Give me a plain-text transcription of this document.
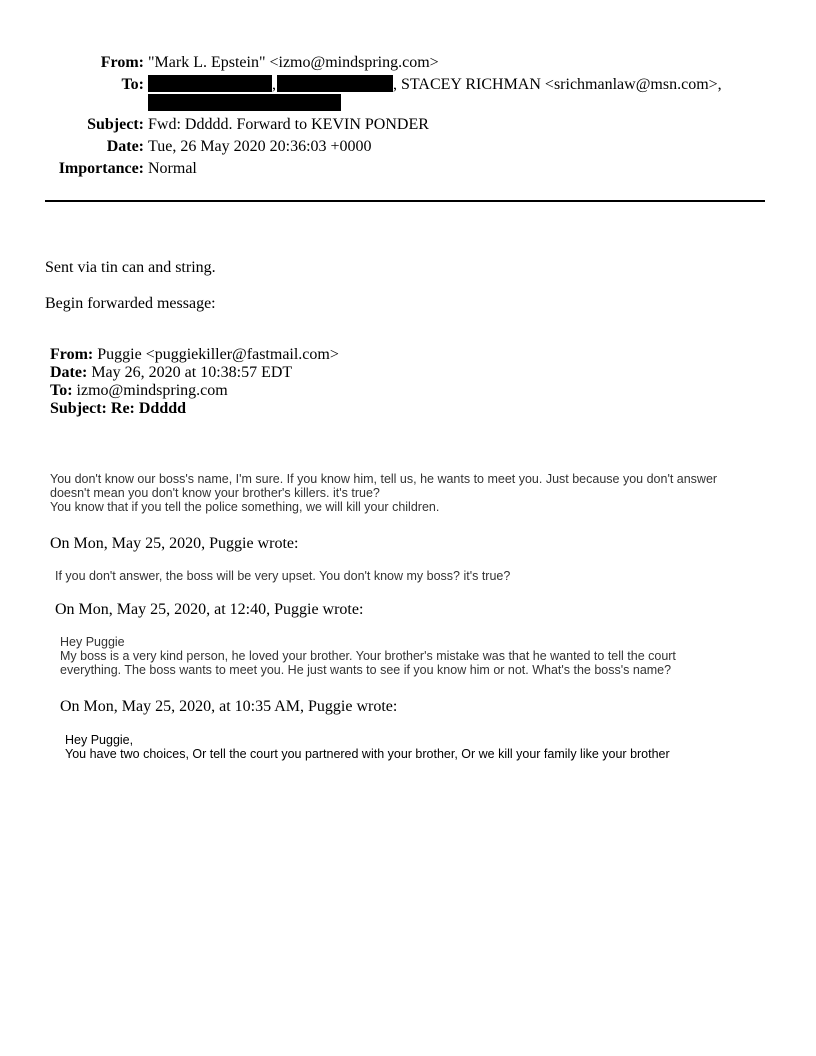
From: "Mark L. Epstein" <izmo@mindspring.com>
To:	,	, STACEY RICHMAN <srichmanlaw@msn.com>,
Subject: Fwd: Ddddd. Forward to KEVIN PONDER
Date: Tue, 26 May 2020 20:36:03 +0000
Importance: Normal
Sent via tin can and string.
Begin forwarded message:
From: Puggie <puggiekiller@fastmail.com>
Date: May 26, 2020 at 10:38:57 EDT
To: izmo@mindspring.com
Subject: Re: Ddddd
You don't know our boss's name, I'm sure. If you know him, tell us, he wants to meet you. Just because you don't answer
doesn't mean you don't know your brother's killers. it's true?
You know that if you tell the police something, we will kill your children.
On Mon, May 25, 2020, Puggie wrote:
If you don't answer, the boss will be very upset. You don't know my boss? it's true?
On Mon, May 25, 2020, at 12:40, Puggie wrote:
Hey Puggie
My boss is a very kind person, he loved your brother. Your brother's mistake was that he wanted to tell the court
everything. The boss wants to meet you. He just wants to see if you know him or not. What's the boss's name?
On Mon, May 25, 2020, at 10:35 AM, Puggie wrote:
Hey Puggie,
You have two choices, Or tell the court you partnered with your brother, Or we kill your family like your brother
